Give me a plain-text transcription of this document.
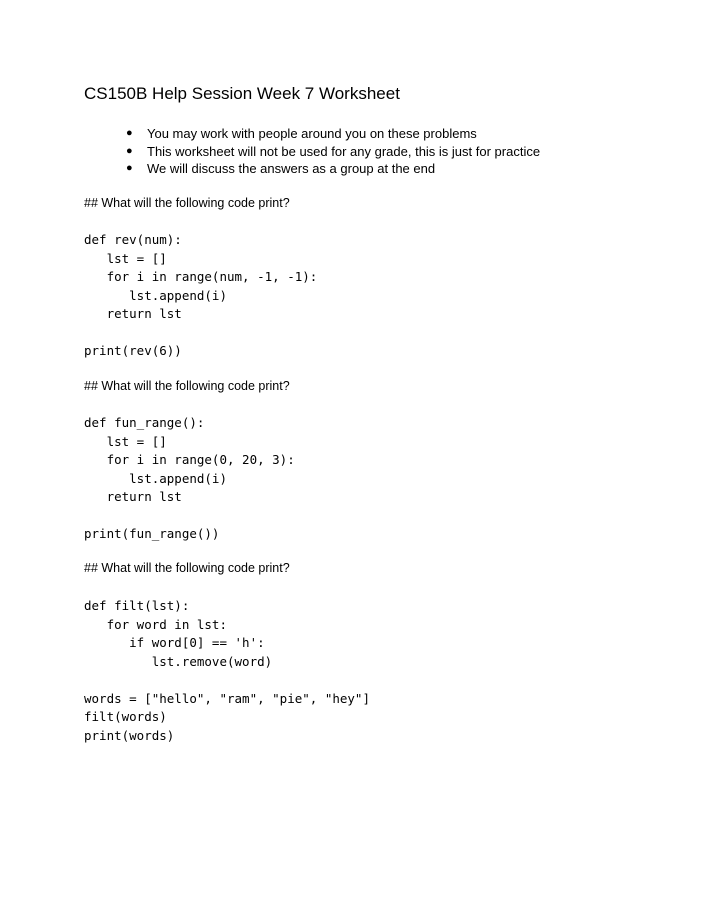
CS150B Help Session Week 7 Worksheet
● You may work with people around you on these problems
● This worksheet will not be used for any grade, this is just for practice
● We will discuss the answers as a group at the end
## What will the following code print?
def rev(num):
lst = []
for i in range(num, -1, -1):
lst.append(i)
return lst
print(rev(6))
## What will the following code print?
def fun_range():
lst = []
for i in range(0, 20, 3):
lst.append(i)
return lst
print(fun_range())
## What will the following code print?
def filt(lst):
for word in lst:
if word[0] == 'h':
lst.remove(word)
words = ["hello", "ram", "pie", "hey"]
filt(words)
print(words)
